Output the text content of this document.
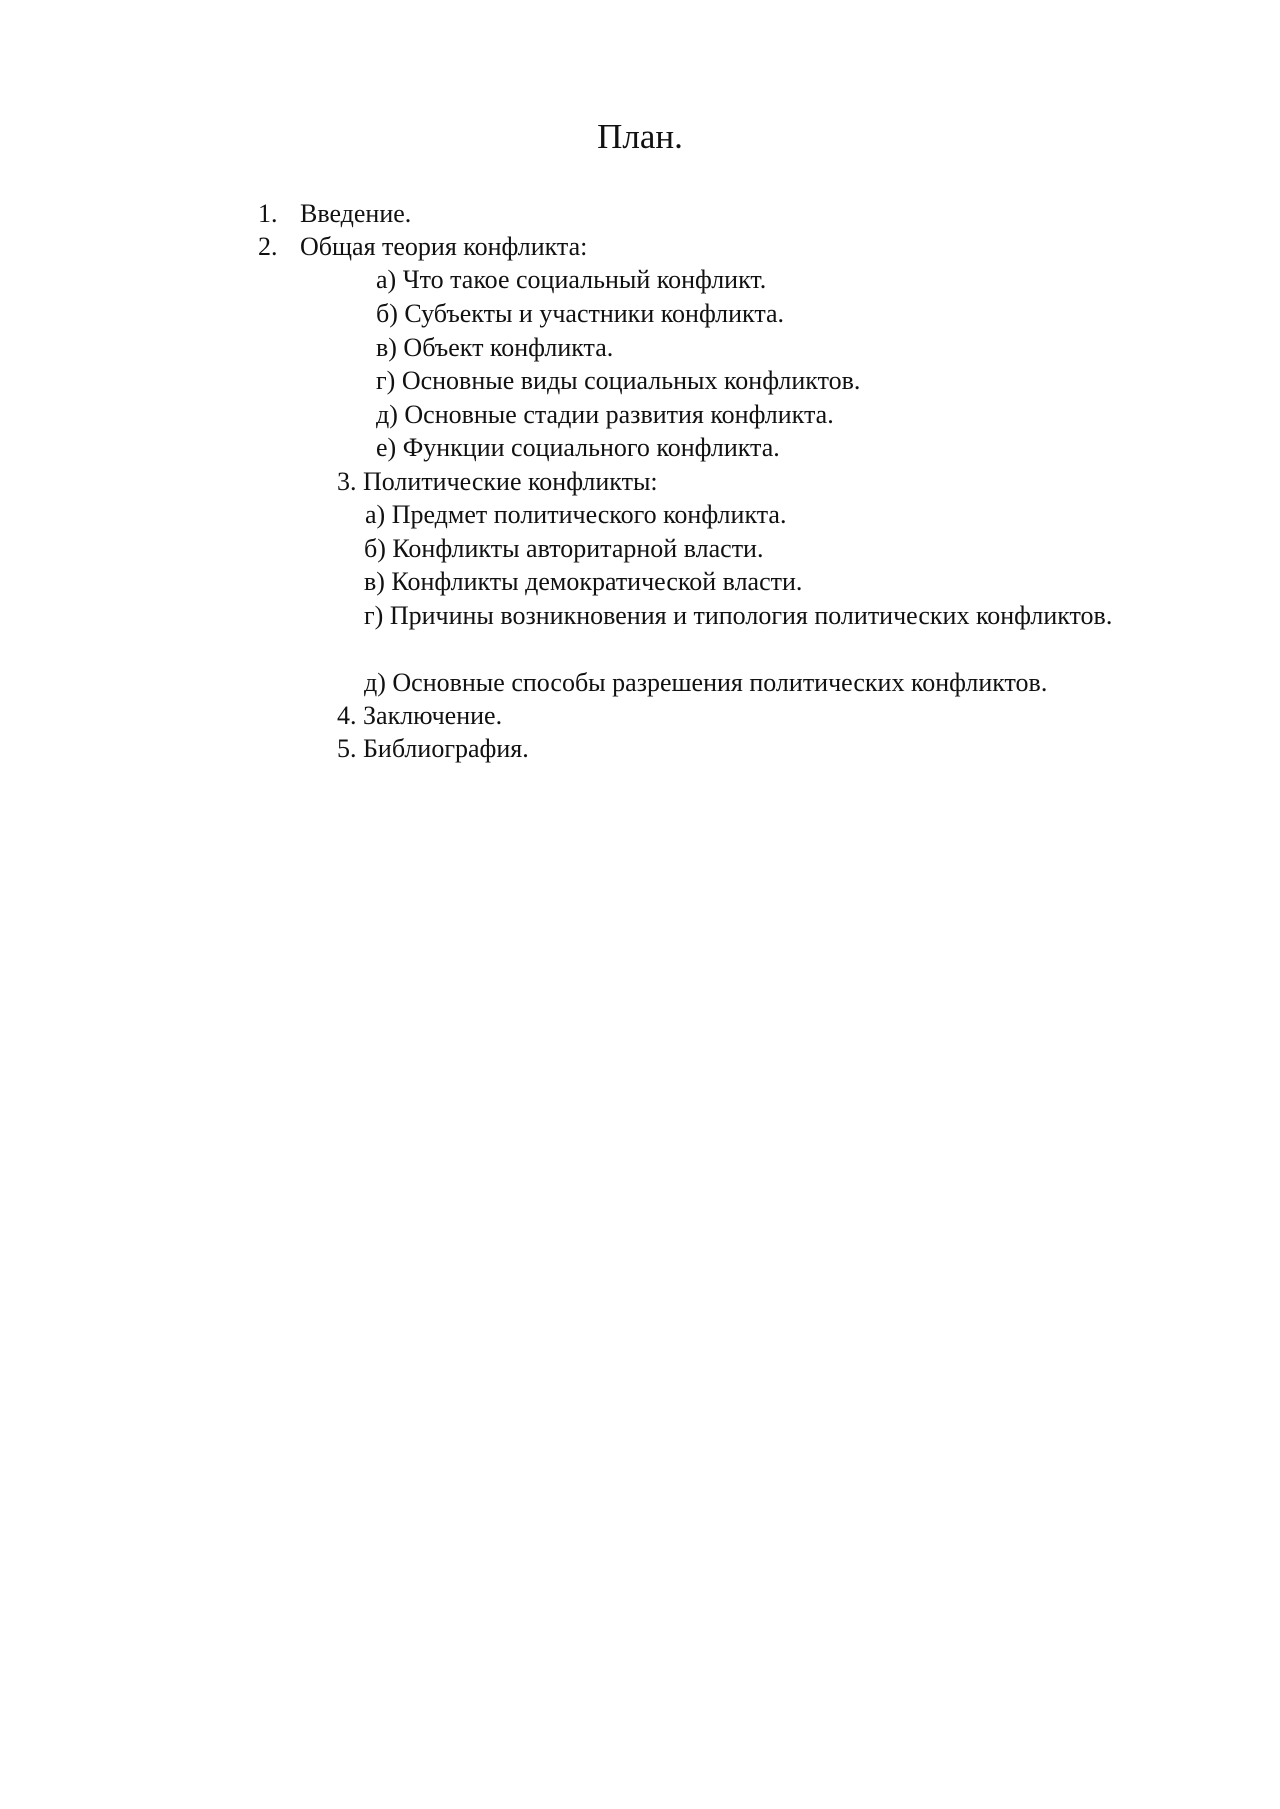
План.
1. Введение.
2. Общая теория конфликта:
а) Что такое социальный конфликт.
б) Субъекты и участники конфликта.
в) Объект конфликта.
г) Основные виды социальных конфликтов.
д) Основные стадии развития конфликта.
е) Функции социального конфликта.
3. Политические конфликты:
а) Предмет политического конфликта.
б) Конфликты авторитарной власти.
в) Конфликты демократической власти.
г) Причины возникновения и типология политических конфликтов.
д) Основные способы разрешения политических конфликтов.
4. Заключение.
5. Библиография.
